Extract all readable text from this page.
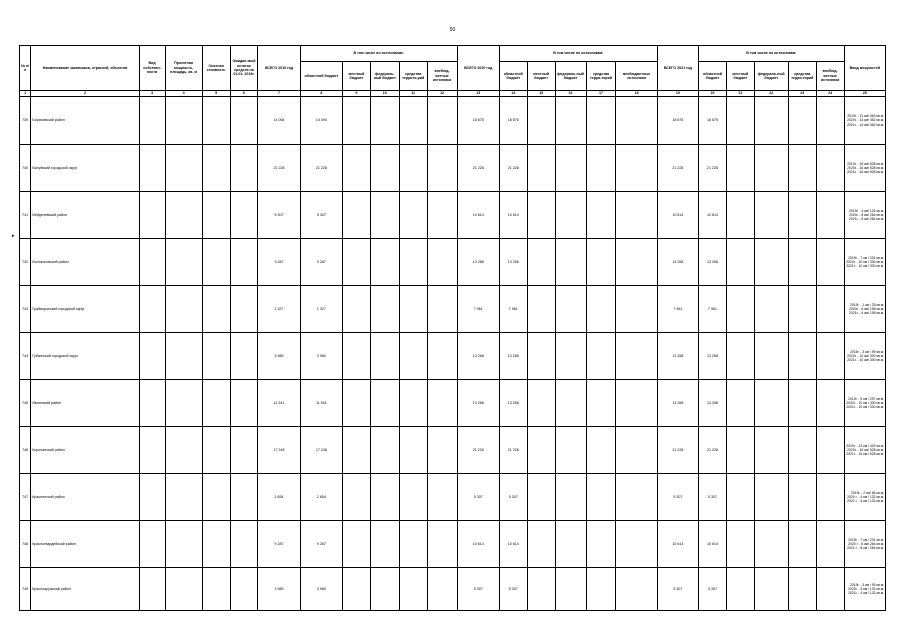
50
▸
№ п/п	Наименование заказчиков, отраслей, объектов	Вид собствен-ности	Проектная мощность, площадь, кв. м	Сметная стоимость	Ожидае-мый остаток средств на 01.01. 2019г.	ВСЕГО 2019 год	В том числе по источникам:					ВСЕГО 2020 год	В том числе по источникам:					ВСЕГО 2021 год	В том числе по источникам:					Ввод мощностей
							областной бюджет	местный бюджет	федераль-ный бюджет	средства террито-рий	внебюд-жетные источники		областной бюджет	местный бюджет	федераль-ный бюджет	средства терри-торий	внебюджетные источники		областной бюджет	местный бюджет	федераль-ный бюджет	средства терри-торий	внебюд-жетные источники	
1	2	3	4	5	6	7	8	9	10	11	12	13	14	15	16	17	18	19	20	21	22	23	24	25
739	Борисовский район					14 094	14 094					18 675	18 675					18 675	18 675					2019г. - 11 км/ 363 кв.м, 2020г. - 14 км/ 462 кв.м, 2021г. - 14 км/ 462 кв.м.
740	Валуйский городской округ					21 228	21 228					21 228	21 228					21 228	21 228					2019г. - 16 км/ 528 кв.м, 2020г. - 16 км/ 528 кв.м, 2021г. - 16 км/ 528 кв.м.
741	Вейделевский район					5 307	5 307					10 614	10 614					10 614	10 614					2019г. - 4 км/ 132 кв.м, 2020г. - 8 км/ 264 кв.м, 2021г. - 8 км/ 264 кв.м.
742	Волоконовский район					9 287	9 287					13 268	13 268					13 268	13 268					2019г. - 7 км / 231 кв.м, 2020г. - 10 км / 330 кв.м, 2021г. - 10 км / 330 кв.м.
743	Грайворонский городской округ					1 327	1 327					7 961	7 961					7 961	7 961					2019г. - 1 км / 33 кв.м, 2020г. - 6 км/ 198 кв.м, 2021г. - 6 км/ 198 кв.м.
744	Губкинский городской округ					3 980	3 980					13 268	13 268					13 268	13 268					2019г. - 3 км / 99 кв.м, 2020г. - 10 км/ 330 кв.м, 2021г. - 10 км/ 330 кв.м.
745	Ивнянский район					11 941	11 941					13 268	13 268					13 268	13 268					2019г. - 9 км / 297 кв.м, 2020г. - 10 км / 330 кв.м, 2021г. - 10 км / 330 кв.м.
746	Корочанский район					17 248	17 248					21 228	21 228					21 228	21 228					2019г. - 13 км / 429 кв.м, 2020г. - 16 км/ 528 кв.м, 2021г. - 16 км / 528 кв.м.
747	Красненский район					2 654	2 654					5 307	5 307					5 307	5 307					2019г. - 2 км/ 66 кв.м, 2020 г. - 4 км / 132 кв.м, 2021 г. - 4 км / 132 кв.м.
748	Красногвардейский район					9 287	9 287					10 614	10 614					10 614	10 614					2019г. - 7 км / 231 кв.м, 2020 г. - 8 км/ 264 кв.м, 2021 г. - 8 км / 264 кв.м.
749	Краснояружский район					3 980	3 980					5 307	5 307					5 307	5 307					2019г. - 3 км / 99 кв.м, 2020г. - 4 км / 132 кв.м, 2021г. - 4 км / 132 кв.м.
